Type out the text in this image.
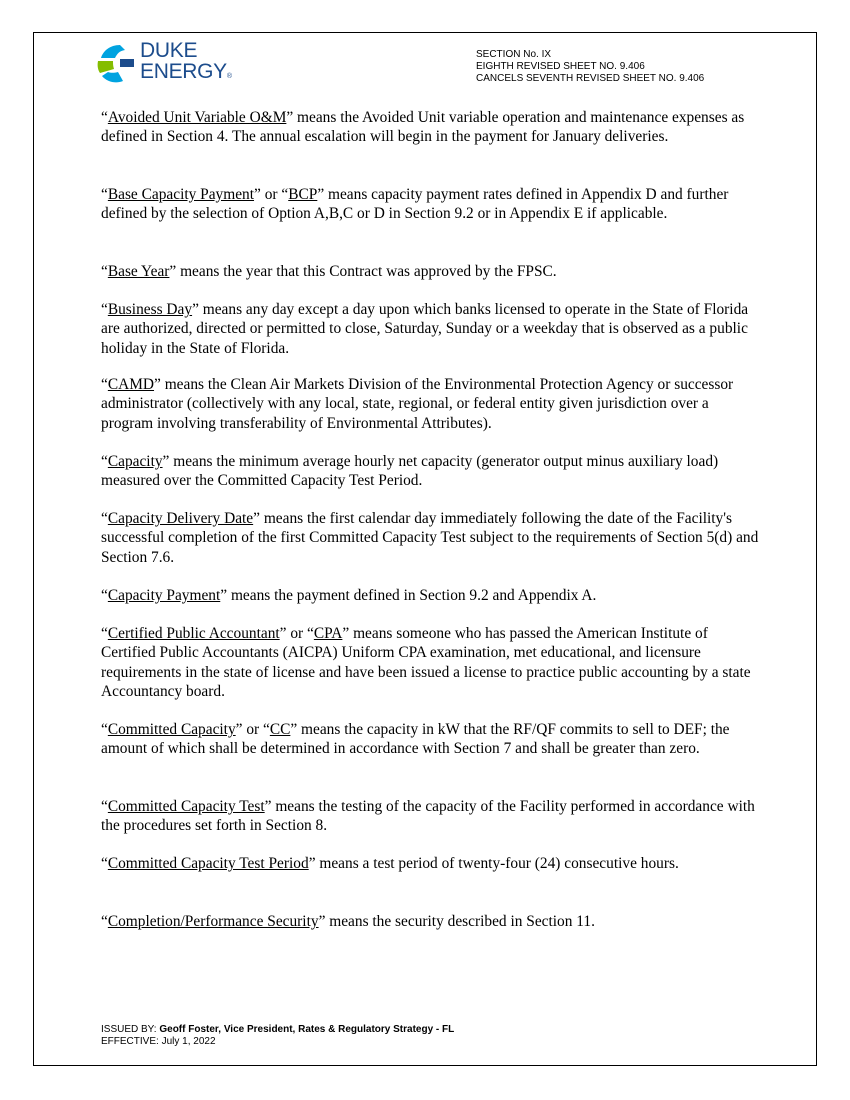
DUKE
ENERGY®
SECTION No. IX
EIGHTH REVISED SHEET NO. 9.406
CANCELS SEVENTH REVISED SHEET NO. 9.406

“Avoided Unit Variable O&M” means the Avoided Unit variable operation and maintenance expenses as defined in Section 4. The annual escalation will begin in the payment for January deliveries.

“Base Capacity Payment” or “BCP” means capacity payment rates defined in Appendix D and further defined by the selection of Option A,B,C or D in Section 9.2 or in Appendix E if applicable.

“Base Year” means the year that this Contract was approved by the FPSC.

“Business Day” means any day except a day upon which banks licensed to operate in the State of Florida are authorized, directed or permitted to close, Saturday, Sunday or a weekday that is observed as a public holiday in the State of Florida.

“CAMD” means the Clean Air Markets Division of the Environmental Protection Agency or successor administrator (collectively with any local, state, regional, or federal entity given jurisdiction over a program involving transferability of Environmental Attributes).

“Capacity” means the minimum average hourly net capacity (generator output minus auxiliary load) measured over the Committed Capacity Test Period.

“Capacity Delivery Date” means the first calendar day immediately following the date of the Facility's successful completion of the first Committed Capacity Test subject to the requirements of Section 5(d) and Section 7.6.

“Capacity Payment” means the payment defined in Section 9.2 and Appendix A.

“Certified Public Accountant” or “CPA” means someone who has passed the American Institute of Certified Public Accountants (AICPA) Uniform CPA examination, met educational, and licensure requirements in the state of license and have been issued a license to practice public accounting by a state Accountancy board.

“Committed Capacity” or “CC” means the capacity in kW that the RF/QF commits to sell to DEF; the amount of which shall be determined in accordance with Section 7 and shall be greater than zero.

“Committed Capacity Test” means the testing of the capacity of the Facility performed in accordance with the procedures set forth in Section 8.

“Committed Capacity Test Period” means a test period of twenty-four (24) consecutive hours.

“Completion/Performance Security” means the security described in Section 11.

ISSUED BY: Geoff Foster, Vice President, Rates & Regulatory Strategy - FL
EFFECTIVE: July 1, 2022
